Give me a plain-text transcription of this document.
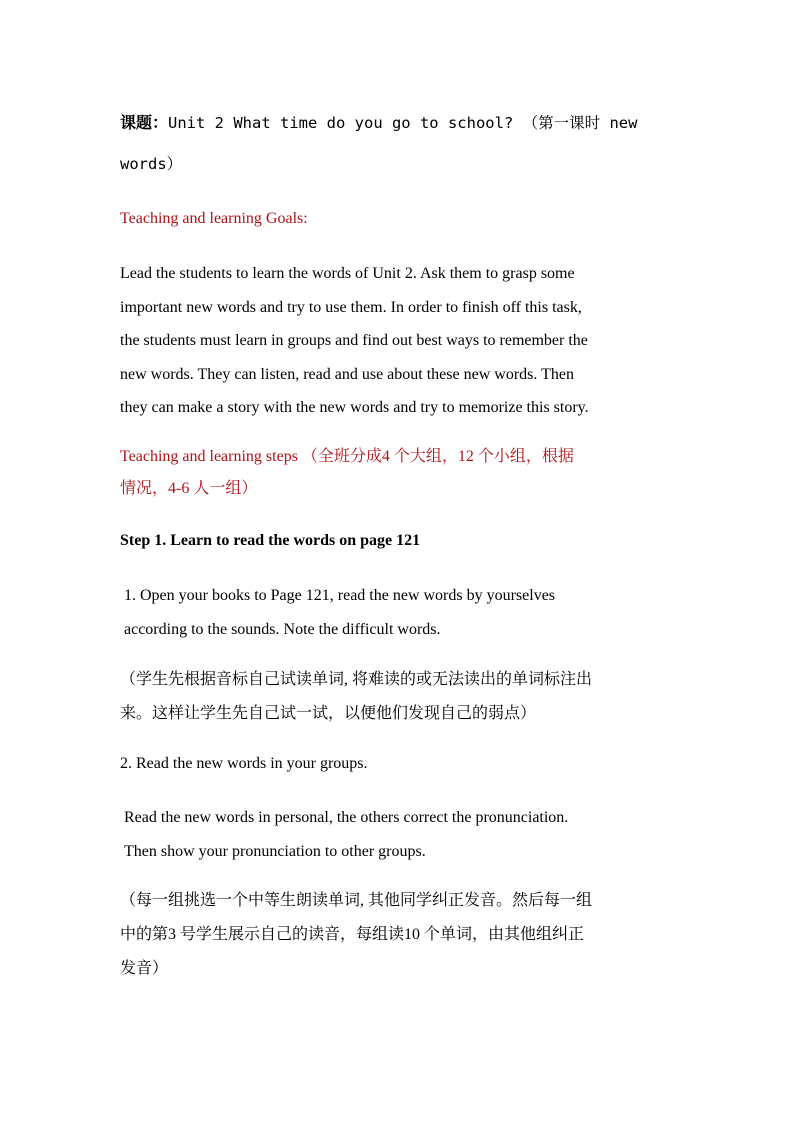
课题：Unit 2 What time do you go to school? （第一课时 new
words）

Teaching and learning Goals:

Lead the students to learn the words of Unit 2. Ask them to grasp some
important new words and try to use them. In order to finish off this task,
the students must learn in groups and find out best ways to remember the
new words. They can listen, read and use about these new words. Then
they can make a story with the new words and try to memorize this story.

Teaching and learning steps （全班分成4 个大组，12 个小组，根据
情况，4-6 人一组）

Step 1. Learn to read the words on page 121

1. Open your books to Page 121, read the new words by yourselves
according to the sounds. Note the difficult words.

（学生先根据音标自己试读单词, 将难读的或无法读出的单词标注出
来。这样让学生先自己试一试，以便他们发现自己的弱点）

2. Read the new words in your groups.

Read the new words in personal, the others correct the pronunciation.
Then show your pronunciation to other groups.

（每一组挑选一个中等生朗读单词, 其他同学纠正发音。然后每一组
中的第3 号学生展示自己的读音，每组读10 个单词，由其他组纠正
发音）
